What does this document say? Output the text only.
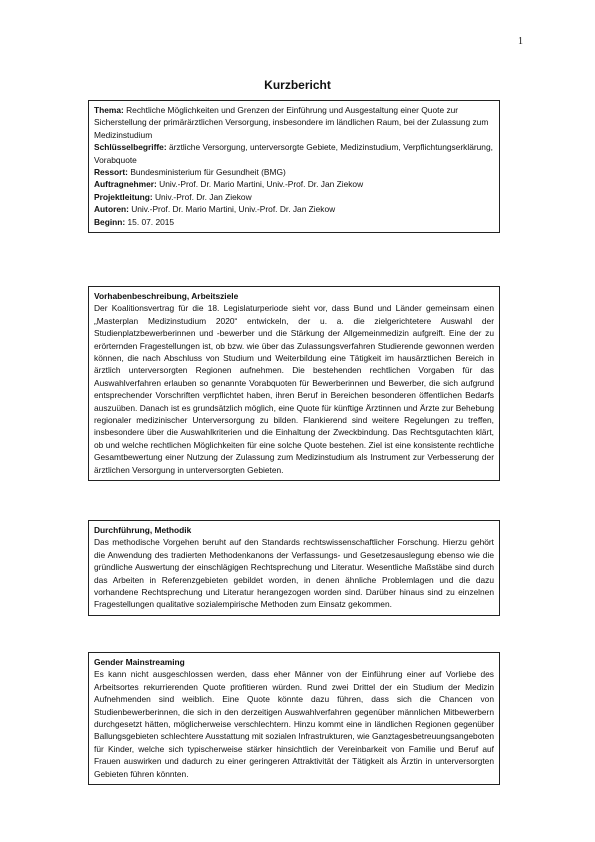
1
Kurzbericht

Thema: Rechtliche Möglichkeiten und Grenzen der Einführung und Ausgestaltung einer Quote zur Sicherstellung der primärärztlichen Versorgung, insbesondere im ländlichen Raum, bei der Zulassung zum Medizinstudium

Schlüsselbegriffe: ärztliche Versorgung, unterversorgte Gebiete, Medizinstudium, Verpflichtungserklärung, Vorabquote

Ressort: Bundesministerium für Gesundheit (BMG)

Auftragnehmer: Univ.-Prof. Dr. Mario Martini, Univ.-Prof. Dr. Jan Ziekow

Projektleitung: Univ.-Prof. Dr. Jan Ziekow

Autoren: Univ.-Prof. Dr. Mario Martini, Univ.-Prof. Dr. Jan Ziekow

Beginn: 15. 07. 2015

Vorhabenbeschreibung, Arbeitsziele

Der Koalitionsvertrag für die 18. Legislaturperiode sieht vor, dass Bund und Länder gemeinsam einen „Masterplan Medizinstudium 2020“ entwickeln, der u. a. die zielgerichtetere Auswahl der Studienplatzbewerberinnen und -bewerber und die Stärkung der Allgemeinmedizin aufgreift. Eine der zu erörternden Fragestellungen ist, ob bzw. wie über das Zulassungsverfahren Studierende gewonnen werden können, die nach Abschluss von Studium und Weiterbildung eine Tätigkeit im hausärztlichen Bereich in ärztlich unterversorgten Regionen aufnehmen. Die bestehenden rechtlichen Vorgaben für das Auswahlverfahren erlauben so genannte Vorabquoten für Bewerberinnen und Bewerber, die sich aufgrund entsprechender Vorschriften verpflichtet haben, ihren Beruf in Bereichen besonderen öffentlichen Bedarfs auszuüben. Danach ist es grundsätzlich möglich, eine Quote für künftige Ärztinnen und Ärzte zur Behebung regionaler medizinischer Unterversorgung zu bilden. Flankierend sind weitere Regelungen zu treffen, insbesondere über die Auswahlkriterien und die Einhaltung der Zweckbindung. Das Rechtsgutachten klärt, ob und welche rechtlichen Möglichkeiten für eine solche Quote bestehen. Ziel ist eine konsistente rechtliche Gesamtbewertung einer Nutzung der Zulassung zum Medizinstudium als Instrument zur Verbesserung der ärztlichen Versorgung in unterversorgten Gebieten.

Durchführung, Methodik

Das methodische Vorgehen beruht auf den Standards rechtswissenschaftlicher Forschung. Hierzu gehört die Anwendung des tradierten Methodenkanons der Verfassungs- und Gesetzesauslegung ebenso wie die gründliche Auswertung der einschlägigen Rechtsprechung und Literatur. Wesentliche Maßstäbe sind durch das Arbeiten in Referenzgebieten gebildet worden, in denen ähnliche Problemlagen und die dazu vorhandene Rechtsprechung und Literatur herangezogen worden sind. Darüber hinaus sind zu einzelnen Fragestellungen qualitative sozialempirische Methoden zum Einsatz gekommen.

Gender Mainstreaming

Es kann nicht ausgeschlossen werden, dass eher Männer von der Einführung einer auf Vorliebe des Arbeitsortes rekurrierenden Quote profitieren würden. Rund zwei Drittel der ein Studium der Medizin Aufnehmenden sind weiblich. Eine Quote könnte dazu führen, dass sich die Chancen von Studienbewerberinnen, die sich in den derzeitigen Auswahlverfahren gegenüber männlichen Mitbewerbern durchgesetzt hätten, möglicherweise verschlechtern. Hinzu kommt eine in ländlichen Regionen gegenüber Ballungsgebieten schlechtere Ausstattung mit sozialen Infrastrukturen, wie Ganztagesbetreuungsangeboten für Kinder, welche sich typischerweise stärker hinsichtlich der Vereinbarkeit von Familie und Beruf auf Frauen auswirken und dadurch zu einer geringeren Attraktivität der Tätigkeit als Ärztin in unterversorgten Gebieten führen könnten.
